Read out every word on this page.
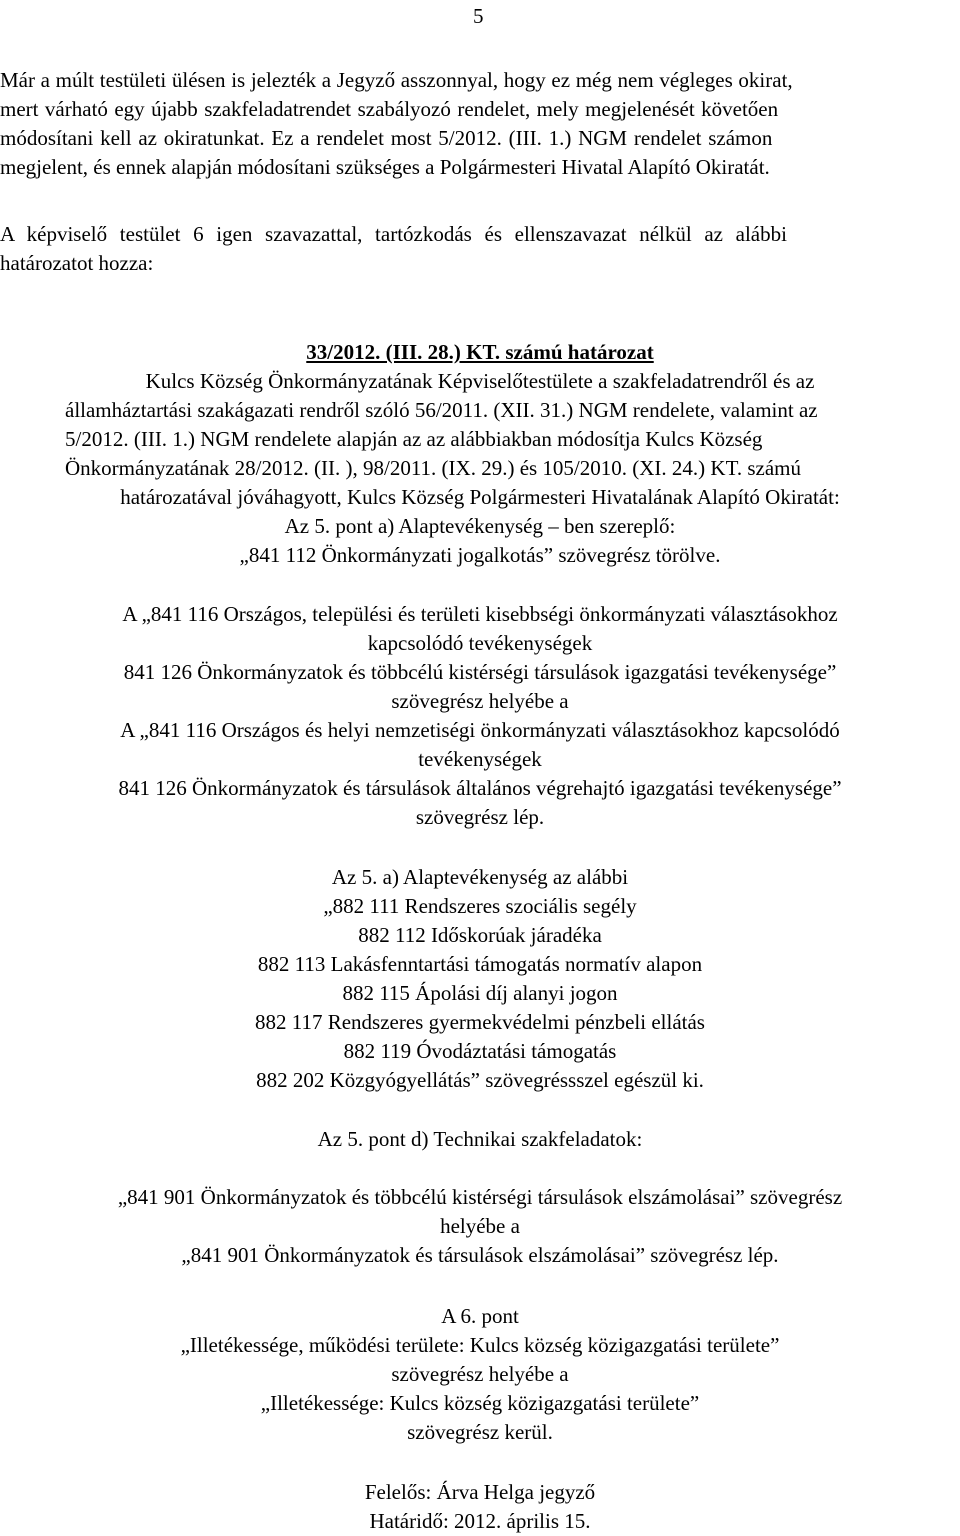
5
Már a múlt testületi ülésen is jelezték a Jegyző asszonnyal, hogy ez még nem végleges okirat,
mert várható egy újabb szakfeladatrendet szabályozó rendelet, mely megjelenését követően
módosítani kell az okiratunkat. Ez a rendelet most 5/2012. (III. 1.) NGM rendelet számon
megjelent, és ennek alapján módosítani szükséges a Polgármesteri Hivatal Alapító Okiratát.
A képviselő testület 6 igen szavazattal, tartózkodás és ellenszavazat nélkül az alábbi
határozatot hozza:
33/2012. (III. 28.) KT. számú határozat
Kulcs Község Önkormányzatának Képviselőtestülete a szakfeladatrendről és az
államháztartási szakágazati rendről szóló 56/2011. (XII. 31.) NGM rendelete, valamint az
5/2012. (III. 1.) NGM rendelete alapján az az alábbiakban módosítja Kulcs Község
Önkormányzatának 28/2012. (II. ), 98/2011. (IX. 29.) és 105/2010. (XI. 24.) KT. számú
határozatával jóváhagyott, Kulcs Község Polgármesteri Hivatalának Alapító Okiratát:
Az 5. pont a) Alaptevékenység – ben szereplő:
„841 112 Önkormányzati jogalkotás” szövegrész törölve.
A „841 116 Országos, települési és területi kisebbségi önkormányzati választásokhoz
kapcsolódó tevékenységek
841 126 Önkormányzatok és többcélú kistérségi társulások igazgatási tevékenysége”
szövegrész helyébe a
A „841 116 Országos és helyi nemzetiségi önkormányzati választásokhoz kapcsolódó
tevékenységek
841 126 Önkormányzatok és társulások általános végrehajtó igazgatási tevékenysége”
szövegrész lép.
Az 5. a) Alaptevékenység az alábbi
„882 111 Rendszeres szociális segély
882 112 Időskorúak járadéka
882 113 Lakásfenntartási támogatás normatív alapon
882 115 Ápolási díj alanyi jogon
882 117 Rendszeres gyermekvédelmi pénzbeli ellátás
882 119 Óvodáztatási támogatás
882 202 Közgyógyellátás” szövegréssszel egészül ki.
Az 5. pont d) Technikai szakfeladatok:
„841 901 Önkormányzatok és többcélú kistérségi társulások elszámolásai” szövegrész
helyébe a
„841 901 Önkormányzatok és társulások elszámolásai” szövegrész lép.
A 6. pont
„Illetékessége, működési területe: Kulcs község közigazgatási területe”
szövegrész helyébe a
„Illetékessége: Kulcs község közigazgatási területe”
szövegrész kerül.
Felelős: Árva Helga jegyző
Határidő: 2012. április 15.
